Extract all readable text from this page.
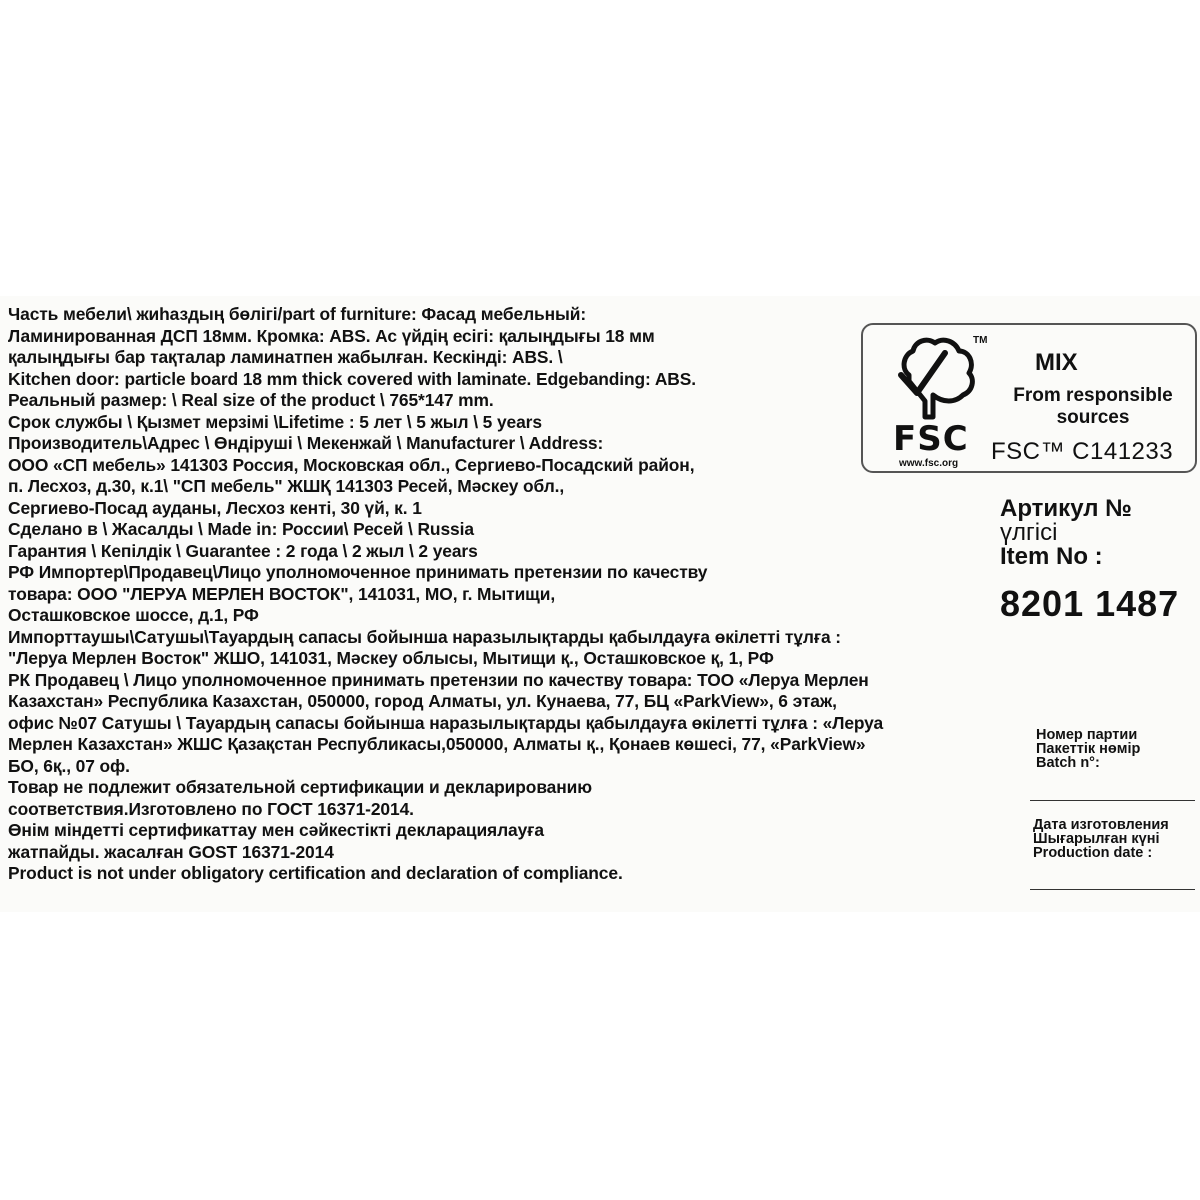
Часть мебели\ жиһаздың бөлігі/part of furniture: Фасад мебельный:
Ламинированная ДСП 18мм. Кромка: ABS. Ас үйдің есігі: қалыңдығы 18 мм
қалыңдығы бар тақталар ламинатпен жабылған. Кескінді: ABS. \
Kitchen door: particle board 18 mm thick covered with laminate. Edgebanding: ABS.
Реальный размер: \ Real size of the product \ 765*147 mm.
Срок службы \ Қызмет мерзімі \Lifetime : 5 лет \ 5 жыл \ 5 years
Производитель\Адрес \ Өндіруші \ Мекенжай \ Manufacturer \ Address:
ООО «СП мебель» 141303 Россия, Московская обл., Сергиево-Посадский район,
п. Лесхоз, д.30, к.1\ "СП мебель" ЖШҚ 141303 Ресей, Мәскеу обл.,
Сергиево-Посад ауданы, Лесхоз кенті, 30 үй, к. 1
Сделано в \ Жасалды \ Made in: России\ Ресей \ Russia
Гарантия \ Кепілдік \ Guarantee : 2 года \ 2 жыл \ 2 years
РФ Импортер\Продавец\Лицо уполномоченное принимать претензии по качеству
товара: ООО "ЛЕРУА МЕРЛЕН ВОСТОК", 141031, МО, г. Мытищи,
Осташковское шоссе, д.1, РФ
Импорттаушы\Сатушы\Тауардың сапасы бойынша наразылықтарды қабылдауға өкілетті тұлға :
"Леруа Мерлен Восток" ЖШО, 141031, Мәскеу облысы, Мытищи қ., Осташковское қ, 1, РФ
РК Продавец \ Лицо уполномоченное принимать претензии по качеству товара: ТОО «Леруа Мерлен
Казахстан» Республика Казахстан, 050000, город Алматы, ул. Кунаева, 77, БЦ «ParkView», 6 этаж,
офис №07 Сатушы \ Тауардың сапасы бойынша наразылықтарды қабылдауға өкілетті тұлға : «Леруа
Мерлен Казахстан» ЖШС Қазақстан Республикасы,050000, Алматы қ., Қонаев көшесі, 77, «ParkView»
БО, 6қ., 07 оф.
Товар не подлежит обязательной сертификации и декларированию
соответствия.Изготовлено по ГОСТ 16371-2014.
Өнім міндетті сертификаттау мен сәйкестікті декларациялауға
жатпайды. жасалған GOST 16371-2014
Product is not under obligatory certification and declaration of compliance.
TM
FSC
www.fsc.org
MIX
From responsible sources
FSC™ C141233
Артикул №
үлгісі
Item No :
8201 1487
Номер партии
Пакеттік нөмір
Batch n°:
Дата изготовления
Шығарылған күні
Production date :
